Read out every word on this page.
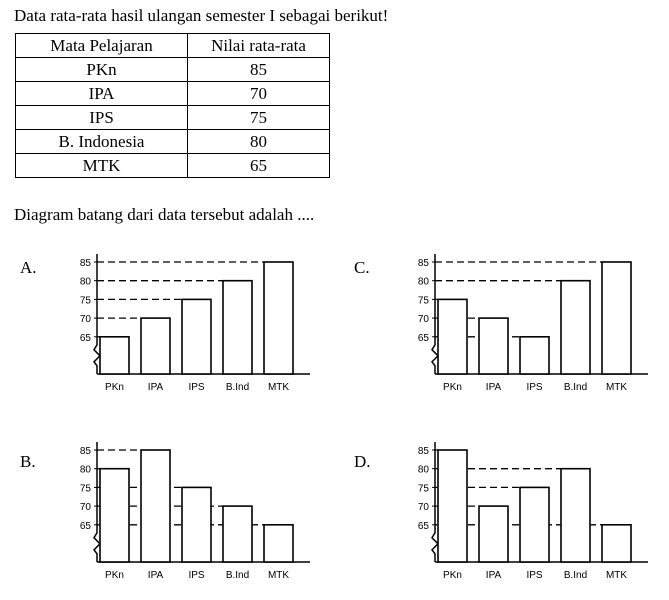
Data rata-rata hasil ulangan semester I sebagai berikut!
Mata Pelajaran	Nilai rata-rata
PKn	85
IPA	70
IPS	75
B. Indonesia	80
MTK	65
Diagram batang dari data tersebut adalah ....
A.
B.
C.
D.
65
70
75
80
85
PKn IPA	IPS B.Ind MTK
65
70
75
80
85
PKn IPA	IPS B.Ind MTK
65
70
75
80
85
PKn IPA	IPS B.Ind MTK
65
70
75
80
85
PKn IPA	IPS B.Ind MTK
